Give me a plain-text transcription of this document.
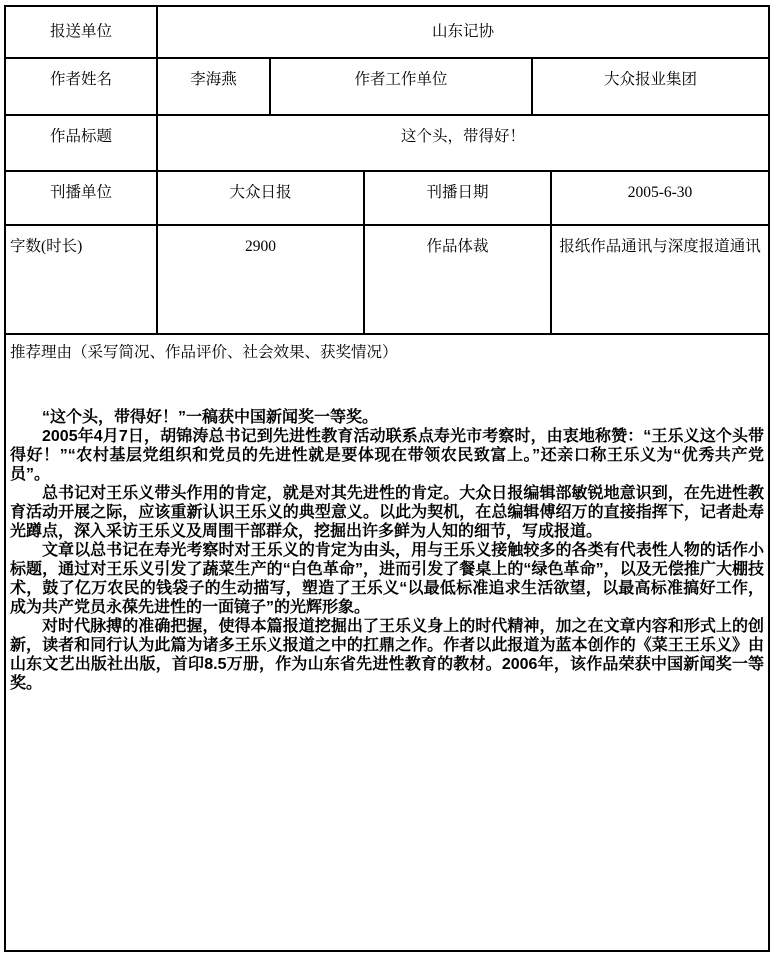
报送单位	山东记协				
作者姓名	李海燕	作者工作单位		大众报业集团	
作品标题	这个头，带得好！				
刊播单位	大众日报		刊播日期		2005-6-30
字数(时长)	2900		作品体裁		报纸作品通讯与深度报道通讯

推荐理由（采写简况、作品评价、社会效果、获奖情况）

“这个头，带得好！”一稿获中国新闻奖一等奖。

2005年4月7日，胡锦涛总书记到先进性教育活动联系点寿光市考察时，由衷地称赞：“王乐义这个头带得好！”“农村基层党组织和党员的先进性就是要体现在带领农民致富上。”还亲口称王乐义为“优秀共产党员”。

总书记对王乐义带头作用的肯定，就是对其先进性的肯定。大众日报编辑部敏锐地意识到，在先进性教育活动开展之际，应该重新认识王乐义的典型意义。以此为契机，在总编辑傅绍万的直接指挥下，记者赴寿光蹲点，深入采访王乐义及周围干部群众，挖掘出许多鲜为人知的细节，写成报道。

文章以总书记在寿光考察时对王乐义的肯定为由头，用与王乐义接触较多的各类有代表性人物的话作小标题，通过对王乐义引发了蔬菜生产的“白色革命”，进而引发了餐桌上的“绿色革命”，以及无偿推广大棚技术，鼓了亿万农民的钱袋子的生动描写，塑造了王乐义“以最低标准追求生活欲望，以最高标准搞好工作，成为共产党员永葆先进性的一面镜子”的光辉形象。

对时代脉搏的准确把握，使得本篇报道挖掘出了王乐义身上的时代精神，加之在文章内容和形式上的创新，读者和同行认为此篇为诸多王乐义报道之中的扛鼎之作。作者以此报道为蓝本创作的《菜王王乐义》由山东文艺出版社出版，首印8.5万册，作为山东省先进性教育的教材。2006年，该作品荣获中国新闻奖一等奖。
